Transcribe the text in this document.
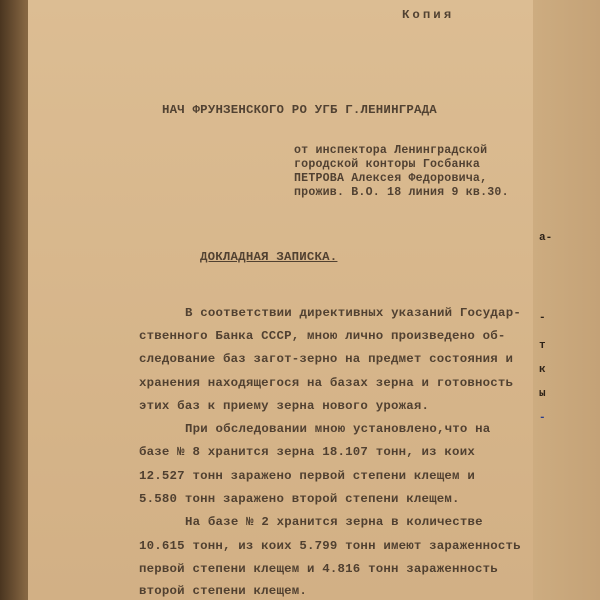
Копия
НАЧ ФРУНЗЕНСКОГО РО УГБ Г.ЛЕНИНГРАДА
от инспектора Ленинградской
городской конторы Госбанка
ПЕТРОВА Алексея Федоровича,
прожив. В.О. 18 линия 9 кв.30.
ДОКЛАДНАЯ ЗАПИСКА.
В соответствии директивных указаний Государ-
ственного Банка СССР, мною лично произведено об-
следование баз загот-зерно на предмет состояния и
хранения находящегося на базах зерна и готовность
этих баз к приему зерна нового урожая.
При обследовании мною установлено,что на
базе № 8 хранится зерна 18.107 тонн, из коих
12.527 тонн заражено первой степени клещем и
5.580 тонн заражено второй степени клещем.
На базе № 2 хранится зерна в количестве
10.615 тонн, из коих 5.799 тонн имеют зараженность
первой степени клещем и 4.816 тонн зараженность
второй степени клещем.
а-
-
т
к
ы
-
